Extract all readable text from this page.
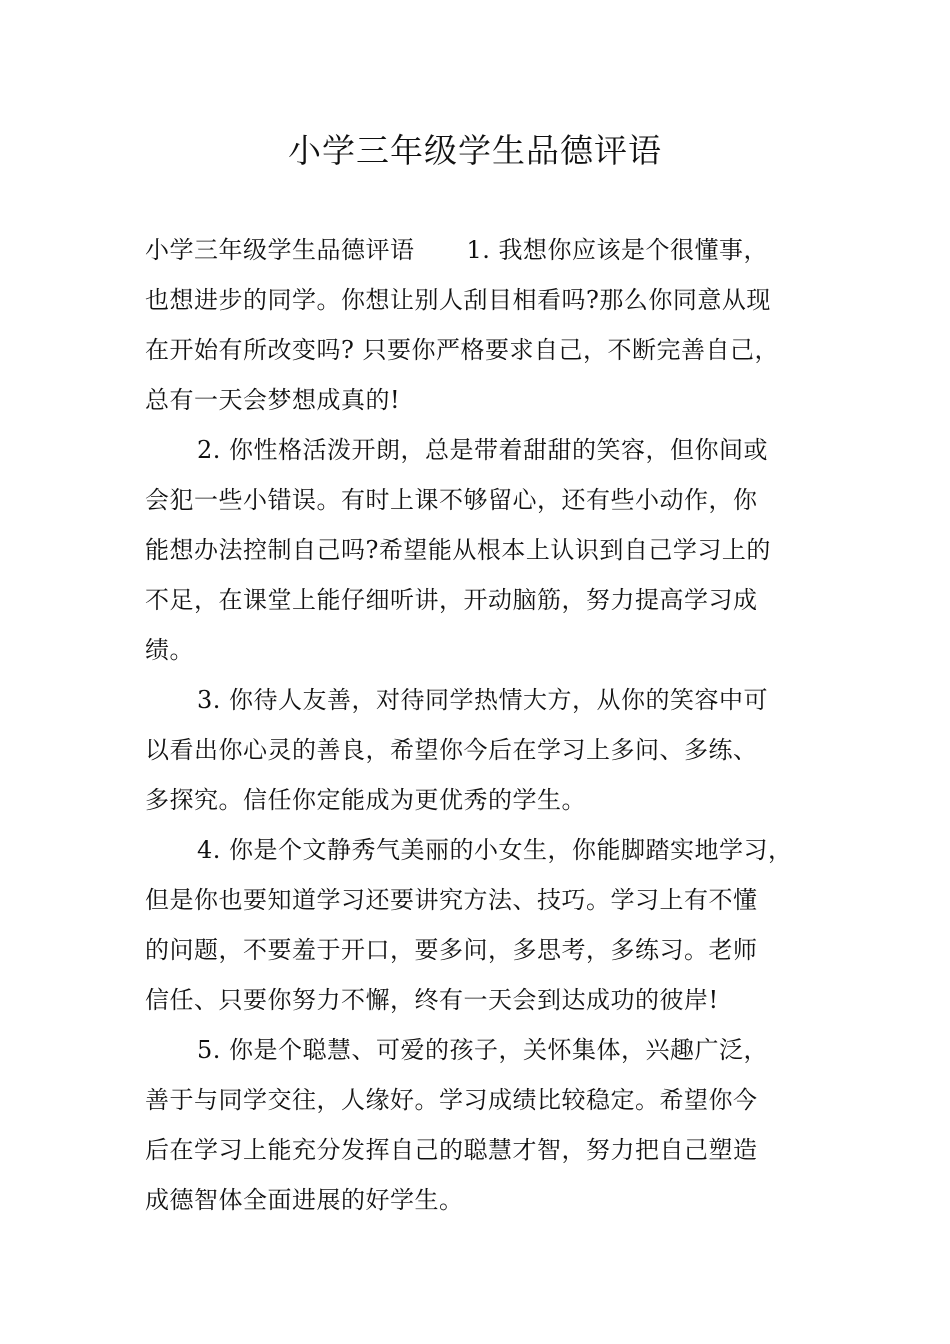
小学三年级学生品德评语
小学三年级学生品德评语 1. 我想你应该是个很懂事，
也想进步的同学。你想让别人刮目相看吗?那么你同意从现
在开始有所改变吗? 只要你严格要求自己，不断完善自己，
总有一天会梦想成真的!
2. 你性格活泼开朗，总是带着甜甜的笑容，但你间或
会犯一些小错误。有时上课不够留心，还有些小动作，你
能想办法控制自己吗?希望能从根本上认识到自己学习上的
不足，在课堂上能仔细听讲，开动脑筋，努力提高学习成
绩。
3. 你待人友善，对待同学热情大方，从你的笑容中可
以看出你心灵的善良，希望你今后在学习上多问、多练、
多探究。信任你定能成为更优秀的学生。
4. 你是个文静秀气美丽的小女生，你能脚踏实地学习，
但是你也要知道学习还要讲究方法、技巧。学习上有不懂
的问题，不要羞于开口，要多问，多思考，多练习。老师
信任、只要你努力不懈，终有一天会到达成功的彼岸!
5. 你是个聪慧、可爱的孩子，关怀集体，兴趣广泛，
善于与同学交往，人缘好。学习成绩比较稳定。希望你今
后在学习上能充分发挥自己的聪慧才智，努力把自己塑造
成德智体全面进展的好学生。
